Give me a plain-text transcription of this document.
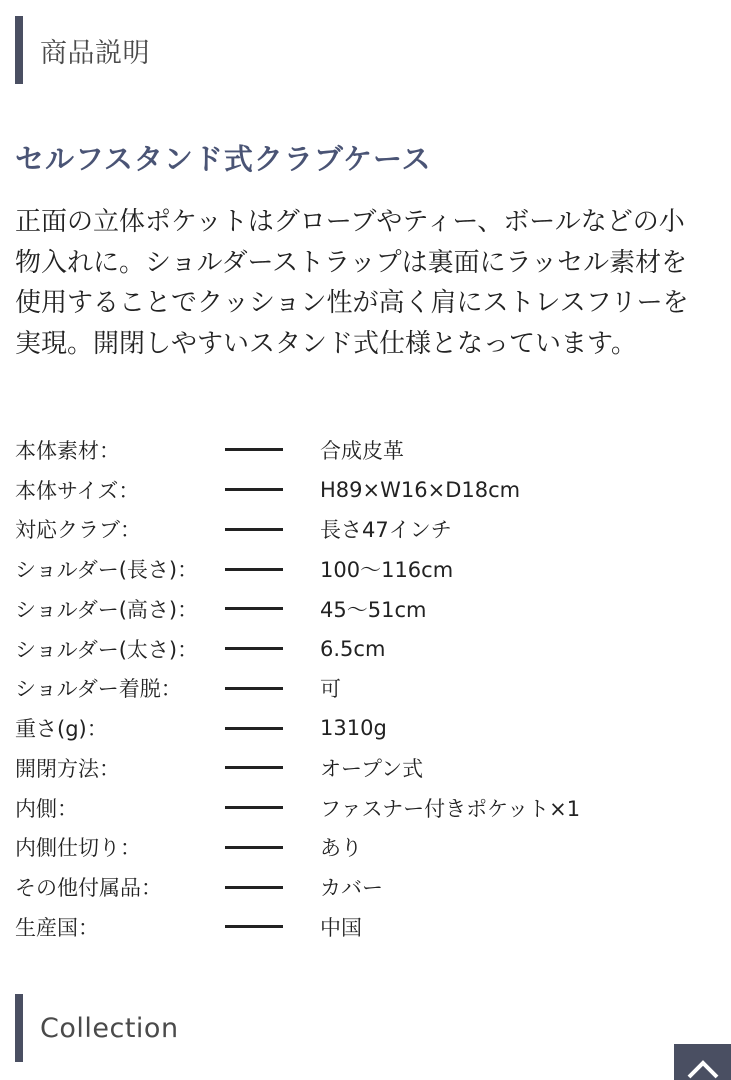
商品説明
セルフスタンド式クラブケース

正面の立体ポケットはグローブやティー、ボールなどの小物入れに。ショルダーストラップは裏面にラッセル素材を使用することでクッション性が高く肩にストレスフリーを実現。開閉しやすいスタンド式仕様となっています。

本体素材：	合成皮革
本体サイズ：	H89×W16×D18cm
対応クラブ：	長さ47インチ
ショルダー(長さ)：	100〜116cm
ショルダー(高さ)：	45〜51cm
ショルダー(太さ)：	6.5cm
ショルダー着脱：	可
重さ(g)：	1310g
開閉方法：	オープン式
内側：	ファスナー付きポケット×1
内側仕切り：	あり
その他付属品：	カバー
生産国：	中国
Collection
